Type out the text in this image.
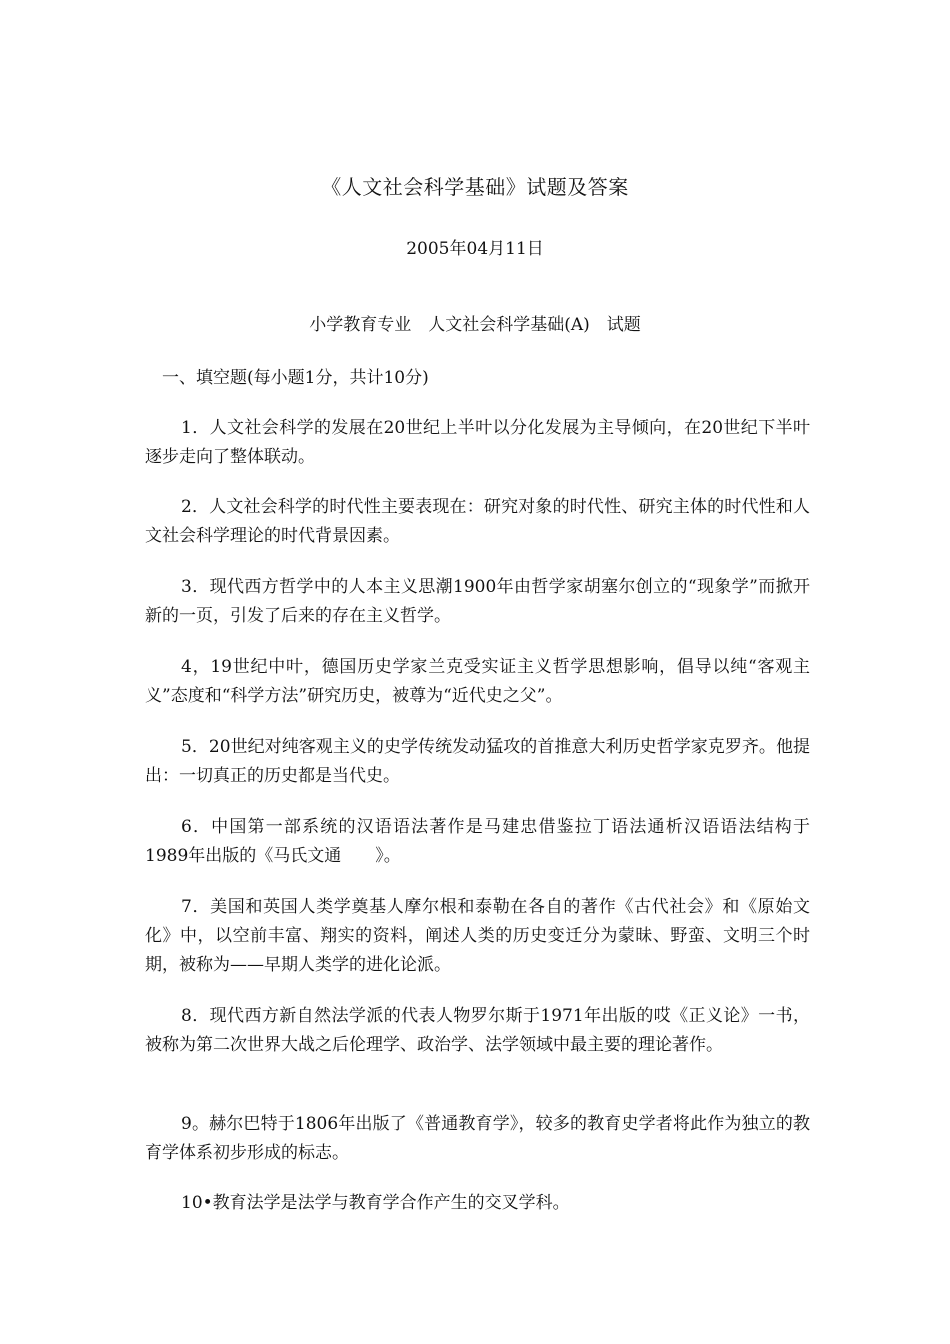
《人文社会科学基础》试题及答案
2005年04月11日
小学教育专业　人文社会科学基础(A)　试题
一、填空题(每小题1分，共计10分)

1．人文社会科学的发展在20世纪上半叶以分化发展为主导倾向，在20世纪下半叶逐步走向了整体联动。

2．人文社会科学的时代性主要表现在：研究对象的时代性、研究主体的时代性和人文社会科学理论的时代背景因素。

3．现代西方哲学中的人本主义思潮1900年由哲学家胡塞尔创立的“现象学”而掀开新的一页，引发了后来的存在主义哲学。

4，19世纪中叶，德国历史学家兰克受实证主义哲学思想影响，倡导以纯“客观主义”态度和“科学方法”研究历史，被尊为“近代史之父”。

5．20世纪对纯客观主义的史学传统发动猛攻的首推意大利历史哲学家克罗齐。他提出：一切真正的历史都是当代史。

6．中国第一部系统的汉语语法著作是马建忠借鉴拉丁语法通析汉语语法结构于1989年出版的《马氏文通　　》。

7．美国和英国人类学奠基人摩尔根和泰勒在各自的著作《古代社会》和《原始文化》中，以空前丰富、翔实的资料，阐述人类的历史变迁分为蒙昧、野蛮、文明三个时期，被称为——早期人类学的进化论派。

8．现代西方新自然法学派的代表人物罗尔斯于1971年出版的哎《正义论》一书，被称为第二次世界大战之后伦理学、政治学、法学领域中最主要的理论著作。

9。赫尔巴特于1806年出版了《普通教育学》，较多的教育史学者将此作为独立的教育学体系初步形成的标志。

10•教育法学是法学与教育学合作产生的交叉学科。
